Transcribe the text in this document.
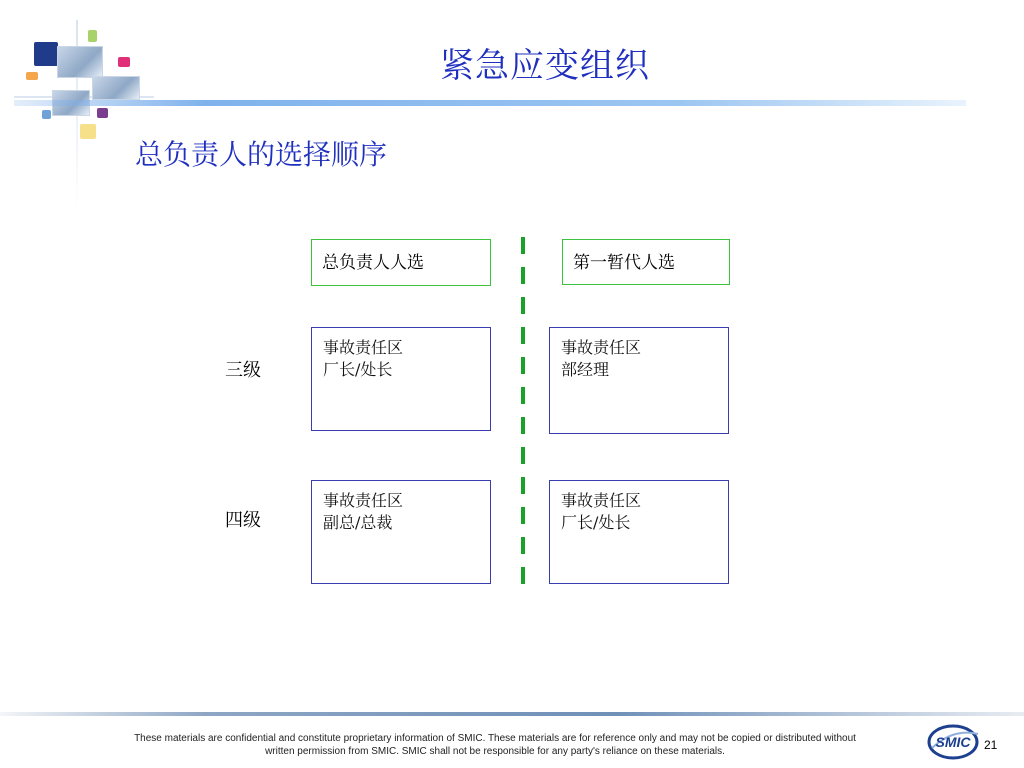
紧急应变组织
总负责人的选择顺序
总负责人人选	第一暂代人选
三级
事故责任区
厂长/处长
事故责任区
部经理
四级
事故责任区
副总/总裁
事故责任区
厂长/处长
These materials are confidential and constitute proprietary information of SMIC. These materials are for reference only and may not be copied or distributed without
written permission from SMIC. SMIC shall not be responsible for any party's reliance on these materials.
SMIC 21
